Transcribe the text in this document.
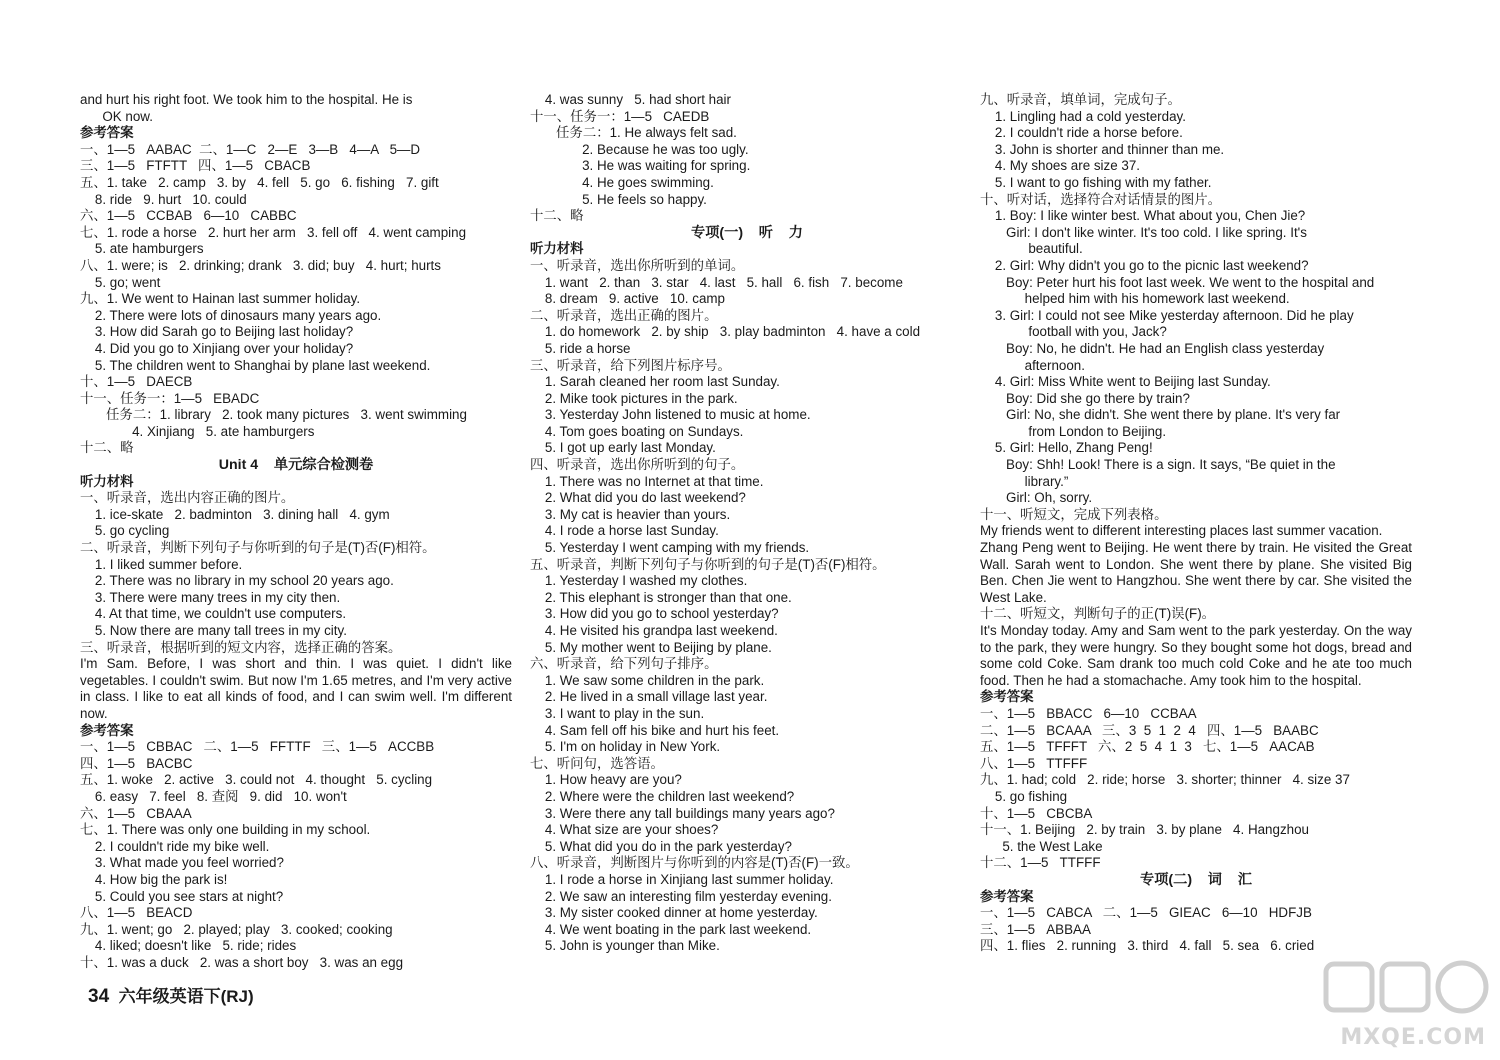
and hurt his right foot. We took him to the hospital. He is
OK now.
参考答案
一、1—5   AABAC  二、1—C   2—E   3—B   4—A   5—D
三、1—5   FTFTT   四、1—5   CBACB
五、1. take   2. camp   3. by   4. fell   5. go   6. fishing   7. gift
8. ride   9. hurt   10. could
六、1—5   CCBAB   6—10   CABBC
七、1. rode a horse   2. hurt her arm   3. fell off   4. went camping
5. ate hamburgers
八、1. were; is   2. drinking; drank   3. did; buy   4. hurt; hurts
5. go; went
九、1. We went to Hainan last summer holiday.
2. There were lots of dinosaurs many years ago.
3. How did Sarah go to Beijing last holiday?
4. Did you go to Xinjiang over your holiday?
5. The children went to Shanghai by plane last weekend.
十、1—5   DAECB
十一、任务一：1—5   EBADC
任务二：1. library   2. took many pictures   3. went swimming
4. Xinjiang   5. ate hamburgers
十二、略
Unit 4    单元综合检测卷
听力材料
一、听录音，选出内容正确的图片。
1. ice-skate   2. badminton   3. dining hall   4. gym
5. go cycling
二、听录音，判断下列句子与你听到的句子是(T)否(F)相符。
1. I liked summer before.
2. There was no library in my school 20 years ago.
3. There were many trees in my city then.
4. At that time, we couldn't use computers.
5. Now there are many tall trees in my city.
三、听录音，根据听到的短文内容，选择正确的答案。
I'm Sam. Before, I was short and thin. I was quiet. I didn't like vegetables. I couldn't swim. But now I'm 1.65 metres, and I'm very active in class. I like to eat all kinds of food, and I can swim well. I'm different now.
参考答案
一、1—5   CBBAC   二、1—5   FFTTF   三、1—5   ACCBB
四、1—5   BACBC
五、1. woke   2. active   3. could not   4. thought   5. cycling
6. easy   7. feel   8. 查阅   9. did   10. won't
六、1—5   CBAAA
七、1. There was only one building in my school.
2. I couldn't ride my bike well.
3. What made you feel worried?
4. How big the park is!
5. Could you see stars at night?
八、1—5   BEACD
九、1. went; go   2. played; play   3. cooked; cooking
4. liked; doesn't like   5. ride; rides
十、1. was a duck   2. was a short boy   3. was an egg
4. was sunny   5. had short hair
十一、任务一：1—5   CAEDB
任务二：1. He always felt sad.
2. Because he was too ugly.
3. He was waiting for spring.
4. He goes swimming.
5. He feels so happy.
十二、略
专项(一)    听    力
听力材料
一、听录音，选出你所听到的单词。
1. want   2. than   3. star   4. last   5. hall   6. fish   7. become
8. dream   9. active   10. camp
二、听录音，选出正确的图片。
1. do homework   2. by ship   3. play badminton   4. have a cold
5. ride a horse
三、听录音，给下列图片标序号。
1. Sarah cleaned her room last Sunday.
2. Mike took pictures in the park.
3. Yesterday John listened to music at home.
4. Tom goes boating on Sundays.
5. I got up early last Monday.
四、听录音，选出你所听到的句子。
1. There was no Internet at that time.
2. What did you do last weekend?
3. My cat is heavier than yours.
4. I rode a horse last Sunday.
5. Yesterday I went camping with my friends.
五、听录音，判断下列句子与你听到的句子是(T)否(F)相符。
1. Yesterday I washed my clothes.
2. This elephant is stronger than that one.
3. How did you go to school yesterday?
4. He visited his grandpa last weekend.
5. My mother went to Beijing by plane.
六、听录音，给下列句子排序。
1. We saw some children in the park.
2. He lived in a small village last year.
3. I want to play in the sun.
4. Sam fell off his bike and hurt his feet.
5. I'm on holiday in New York.
七、听问句，选答语。
1. How heavy are you?
2. Where were the children last weekend?
3. Were there any tall buildings many years ago?
4. What size are your shoes?
5. What did you do in the park yesterday?
八、听录音，判断图片与你听到的内容是(T)否(F)一致。
1. I rode a horse in Xinjiang last summer holiday.
2. We saw an interesting film yesterday evening.
3. My sister cooked dinner at home yesterday.
4. We went boating in the park last weekend.
5. John is younger than Mike.
九、听录音，填单词，完成句子。
1. Lingling had a cold yesterday.
2. I couldn't ride a horse before.
3. John is shorter and thinner than me.
4. My shoes are size 37.
5. I want to go fishing with my father.
十、听对话，选择符合对话情景的图片。
1. Boy: I like winter best. What about you, Chen Jie?
Girl: I don't like winter. It's too cold. I like spring. It's
beautiful.
2. Girl: Why didn't you go to the picnic last weekend?
Boy: Peter hurt his foot last week. We went to the hospital and
helped him with his homework last weekend.
3. Girl: I could not see Mike yesterday afternoon. Did he play
football with you, Jack?
Boy: No, he didn't. He had an English class yesterday
afternoon.
4. Girl: Miss White went to Beijing last Sunday.
Boy: Did she go there by train?
Girl: No, she didn't. She went there by plane. It's very far
from London to Beijing.
5. Girl: Hello, Zhang Peng!
Boy: Shh! Look! There is a sign. It says, “Be quiet in the
library.”
Girl: Oh, sorry.
十一、听短文，完成下列表格。
My friends went to different interesting places last summer vacation.
Zhang Peng went to Beijing. He went there by train. He visited the Great Wall. Sarah went to London. She went there by plane. She visited Big Ben. Chen Jie went to Hangzhou. She went there by car. She visited the West Lake.
十二、听短文，判断句子的正(T)误(F)。
It's Monday today. Amy and Sam went to the park yesterday. On the way to the park, they were hungry. So they bought some hot dogs, bread and some cold Coke. Sam drank too much cold Coke and he ate too much food. Then he had a stomachache. Amy took him to the hospital.
参考答案
一、1—5   BBACC   6—10   CCBAA
二、1—5   BCAAA   三、3  5  1  2  4   四、1—5   BAABC
五、1—5   TFFFT   六、2  5  4  1  3   七、1—5   AACAB
八、1—5   TTFFF
九、1. had; cold   2. ride; horse   3. shorter; thinner   4. size 37
5. go fishing
十、1—5   CBCBA
十一、1. Beijing   2. by train   3. by plane   4. Hangzhou
5. the West Lake
十二、1—5   TTFFF
专项(二)    词    汇
参考答案
一、1—5   CABCA   二、1—5   GIEAC   6—10   HDFJB
三、1—5   ABBAA
四、1. flies   2. running   3. third   4. fall   5. sea   6. cried
34 六年级英语下(RJ)
MXQE.COM
